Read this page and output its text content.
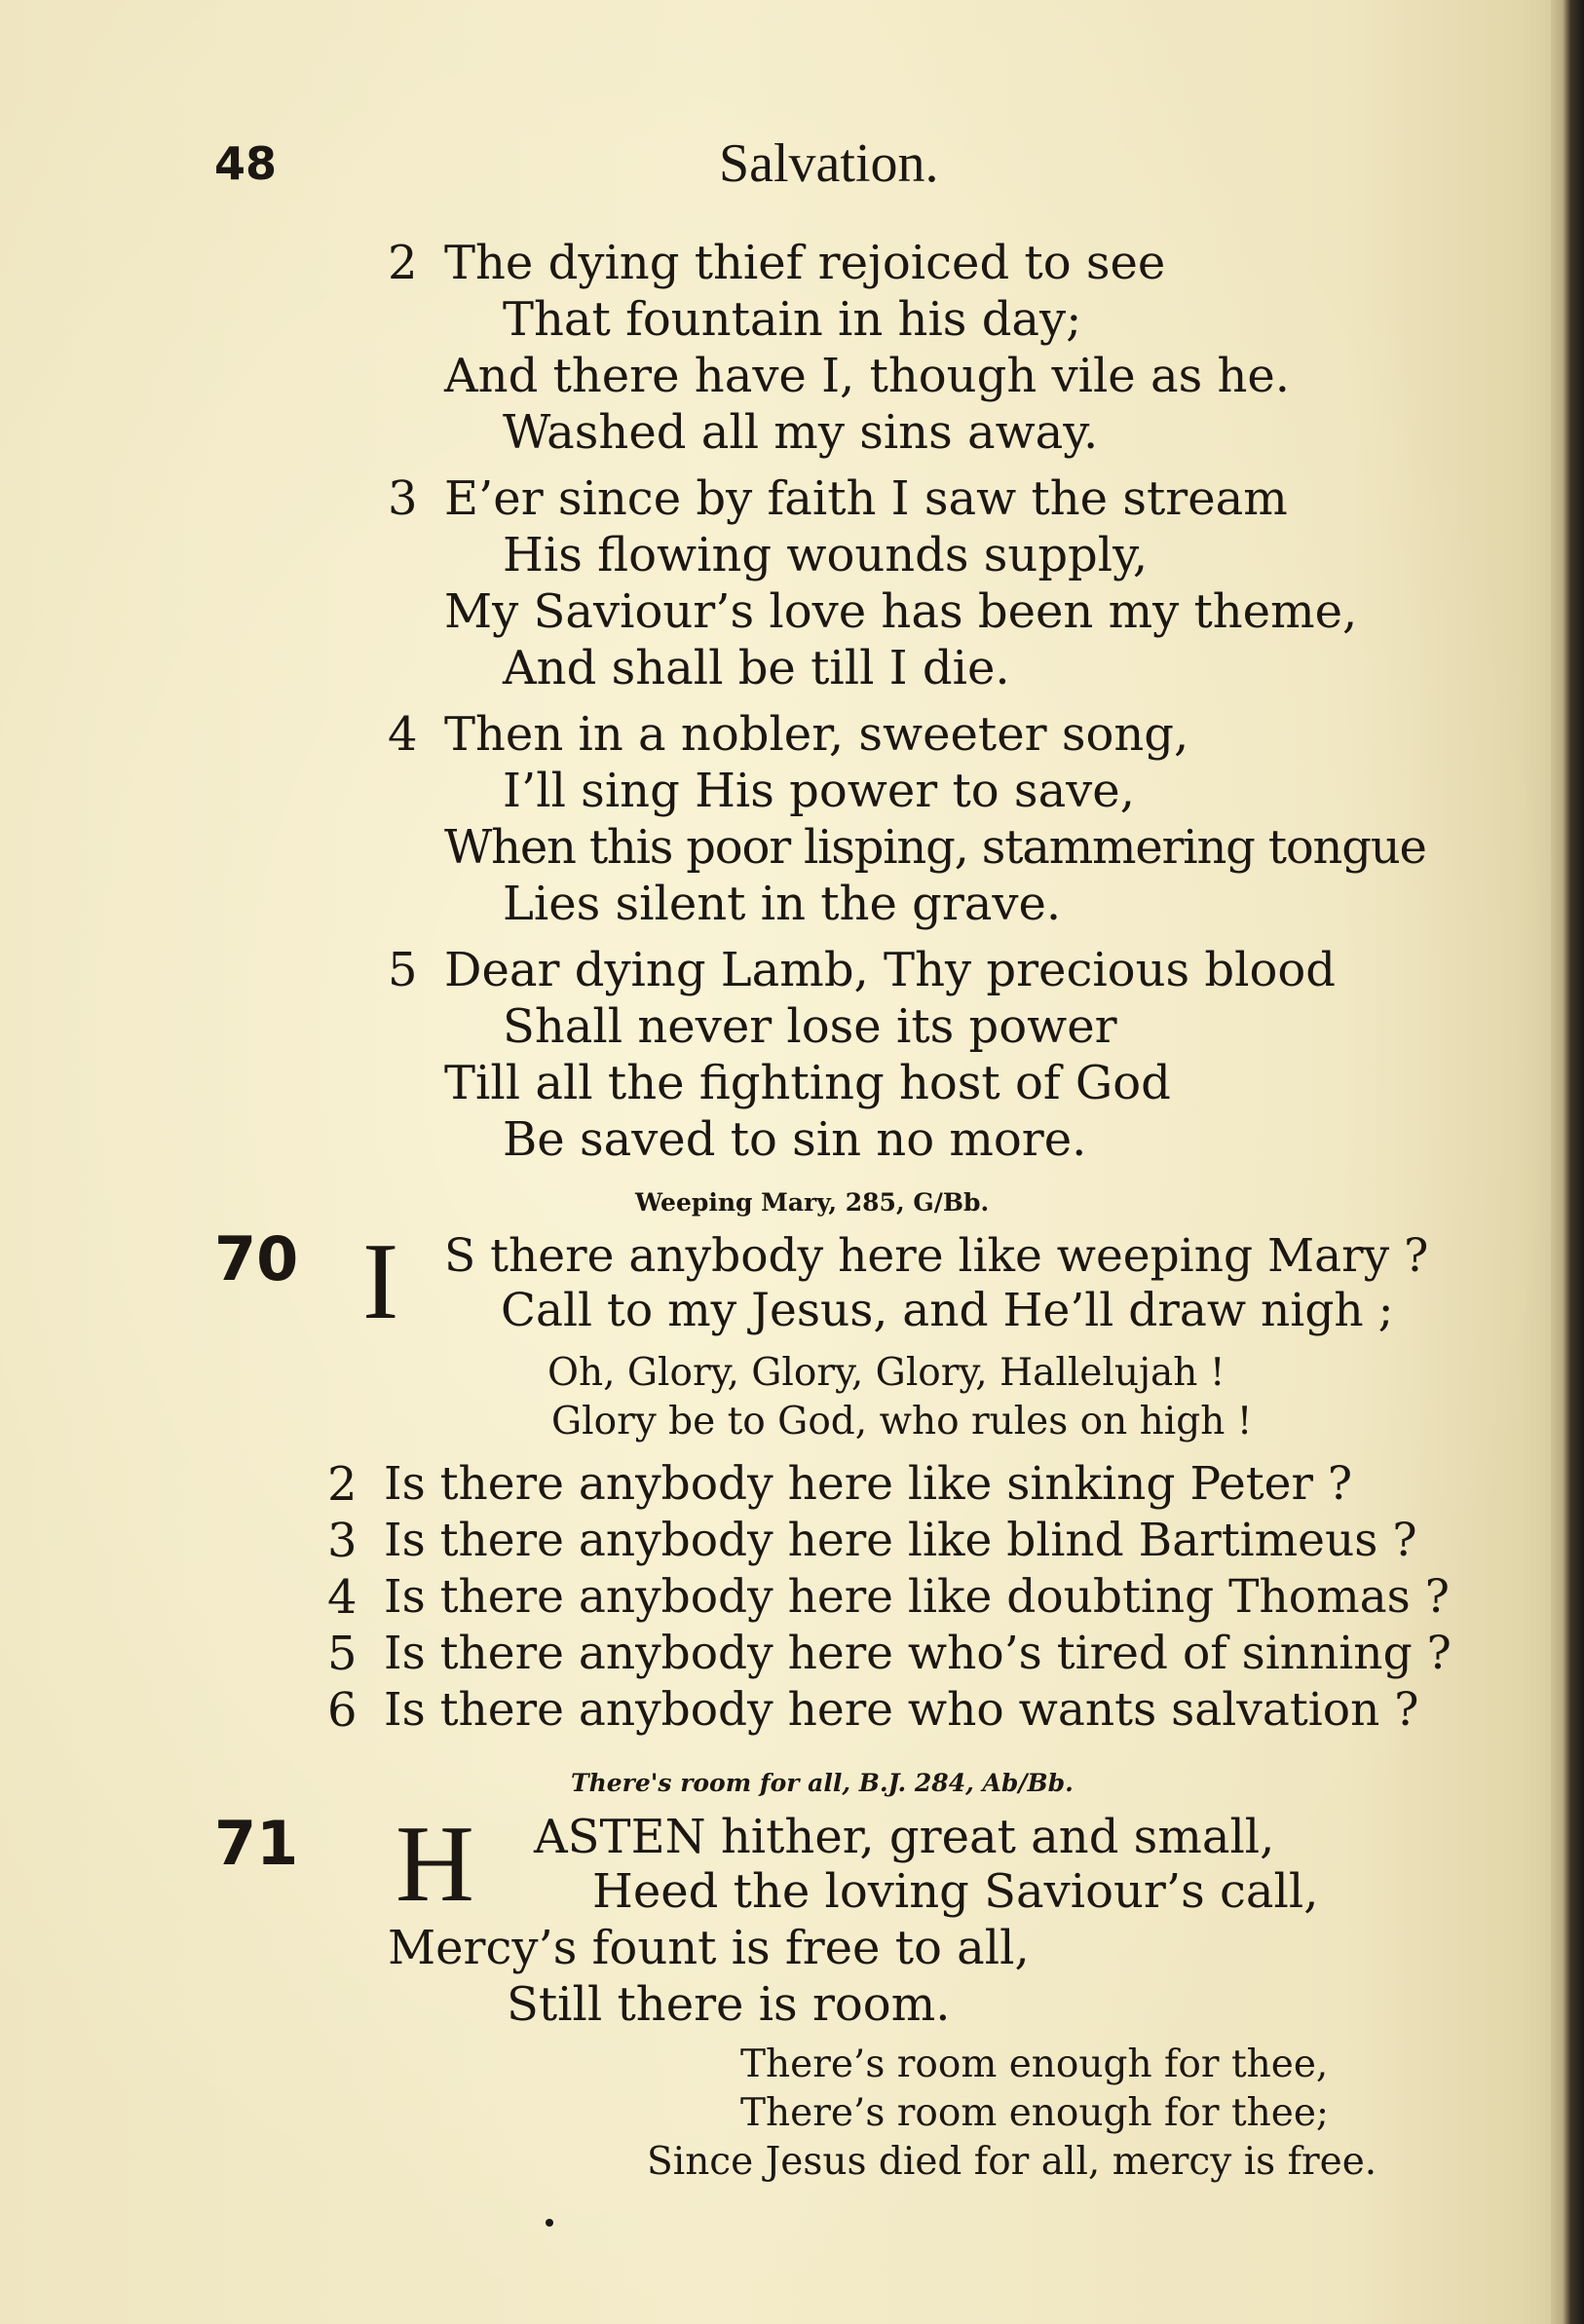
48	Salvation.
2 The dying thief rejoiced to see
That fountain in his day;
And there have I, though vile as he.
Washed all my sins away.
3 E’er since by faith I saw the stream
His flowing wounds supply,
My Saviour’s love has been my theme,
And shall be till I die.
4 Then in a nobler, sweeter song,
I’ll sing His power to save,
When this poor lisping, stammering tongue
Lies silent in the grave.
5 Dear dying Lamb, Thy precious blood
Shall never lose its power
Till all the fighting host of God
Be saved to sin no more.
Weeping Mary, 285, G/Bb.
70 I S there anybody here like weeping Mary ?
Call to my Jesus, and He’ll draw nigh ;
Oh, Glory, Glory, Glory, Hallelujah !
Glory be to God, who rules on high !
2 Is there anybody here like sinking Peter ?
3 Is there anybody here like blind Bartimeus ?
4 Is there anybody here like doubting Thomas ?
5 Is there anybody here who’s tired of sinning ?
6 Is there anybody here who wants salvation ?
There's room for all, B.J. 284, Ab/Bb.
71 H ASTEN hither, great and small,
Heed the loving Saviour’s call,
Mercy’s fount is free to all,
Still there is room.
There’s room enough for thee,
There’s room enough for thee;
Since Jesus died for all, mercy is free.
